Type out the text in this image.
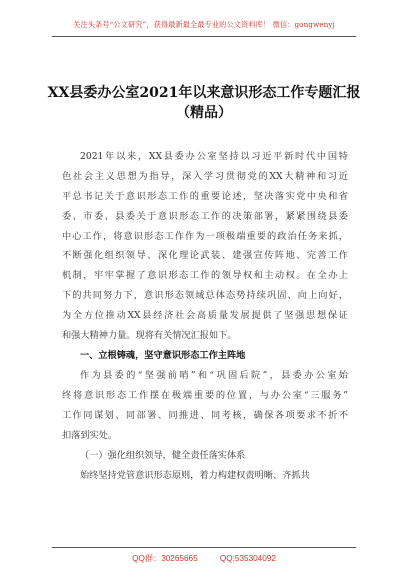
关注头条号“公文研究”，获得最新最全最专业的公文资料库！ 微信：gongwenyj
XX县委办公室2021年以来意识形态工作专题汇报
（精品）
2021年以来，XX县委办公室坚持以习近平新时代中国特
色社会主义思想为指导，深入学习贯彻党的XX大精神和习近
平总书记关于意识形态工作的重要论述，坚决落实党中央和省
委、市委、县委关于意识形态工作的决策部署，紧紧围绕县委
中心工作，将意识形态工作作为一项极端重要的政治任务来抓，
不断强化组织领导、深化理论武装、建强宣传阵地、完善工作
机制，牢牢掌握了意识形态工作的领导权和主动权。在全办上
下的共同努力下，意识形态领域总体态势持续巩固、向上向好，
为全方位推动XX县经济社会高质量发展提供了坚强思想保证
和强大精神力量。现将有关情况汇报如下。
一、立根铸魂，坚守意识形态工作主阵地
作为县委的“坚强前哨”和“巩固后院”，县委办公室始
终将意识形态工作摆在极端重要的位置，与办公室“三服务”
工作同谋划、同部署、同推进、同考核，确保各项要求不折不
扣落到实处。
（一）强化组织领导，健全责任落实体系
始终坚持党管意识形态原则，着力构建权责明晰、齐抓共
QQ群：30265665	QQ:535304092
